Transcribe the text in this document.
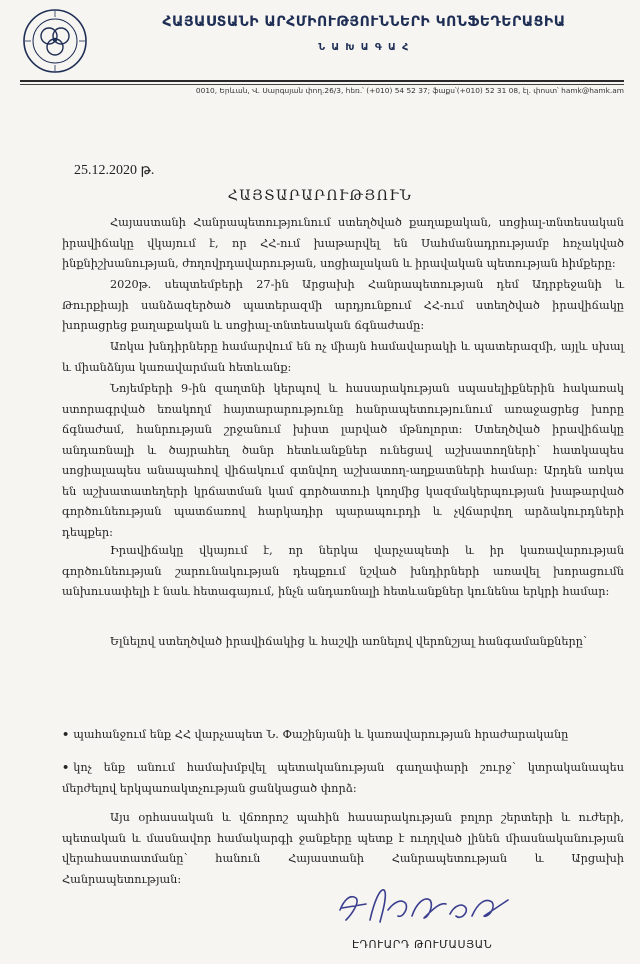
ՀԱՅԱՍՏԱՆԻ ԱՐՀՄԻՈՒԹՅՈՒՆՆԵՐԻ ԿՈՆՖԵԴԵՐԱՑԻԱ
Ն Ա Խ Ա Գ Ա Հ
0010, Երևան, Վ. Սարգսյան փող.26/3, հեռ.՝ (+010) 54 52 37; ֆաքս՝(+010) 52 31 08, էլ. փոստ՝ hamk@hamk.am
25.12.2020 թ.
ՀԱՅՏԱՐԱՐՈՒԹՅՈՒՆ
Հայաստանի Հանրապետությունում ստեղծված քաղաքական, սոցիալ-տնտեսական իրավիճակը վկայում է, որ ՀՀ-ում խաթարվել են Սահմանադրությամբ հռչակված ինքնիշխանության, ժողովրդավարության, սոցիալական և իրավական պետության հիմքերը:
2020թ. սեպտեմբերի 27-ին Արցախի Հանրապետության դեմ Ադրբեջանի և Թուրքիայի սանձազերծած պատերազմի արդյունքում ՀՀ-ում ստեղծված իրավիճակը խորացրեց քաղաքական և սոցիալ-տնտեսական ճգնաժամը:
Առկա խնդիրները համարվում են ոչ միայն համավարակի և պատերազմի, այլև սխալ և միանձնյա կառավարման հետևանք:
Նոյեմբերի 9-ին զաղտնի կերպով և հասարակության սպասելիքներին հակառակ ստորագրված եռակողմ հայտարարությունը հանրապետությունում առաջացրեց խորը ճգնաժամ, հանրության շրջանում խիստ լարված մթնոլորտ: Ստեղծված իրավիճակը անդառնալի և ծայրահեղ ծանր հետևանքներ ունեցավ աշխատողների՝ հատկապես սոցիալապես անապահով վիճակում գտնվող աշխատող-աղքատների համար: Արդեն առկա են աշխատատեղերի կրճատման կամ գործատուի կողմից կազմակերպության խաթարված գործունեության պատճառով հարկադիր պարապուրդի և չվճարվող արձակուրդների դեպքեր:
Իրավիճակը վկայում է, որ ներկա վարչապետի և իր կառավարության գործունեության շարունակության դեպքում նշված խնդիրների առավել խորացումն անխուսափելի է նաև հետագայում, ինչն անդառնալի հետևանքներ կունենա երկրի համար:
Ելնելով ստեղծված իրավիճակից և հաշվի առնելով վերոնշյալ հանգամանքները՝
• պահանջում ենք ՀՀ վարչապետ Ն. Փաշինյանի և կառավարության հրաժարականը
• կոչ ենք անում համախմբվել պետականության գաղափարի շուրջ՝ կտրականապես մերժելով երկպառակտչության ցանկացած փորձ:
Այս օրհասական և վճռորոշ պահին հասարակության բոլոր շերտերի և ուժերի, պետական և մասնավոր համակարգի ջանքերը պետք է ուղղված լինեն միասնականության վերահաստատմանը՝ հանուն Հայաստանի Հանրապետության և Արցախի Հանրապետության:
ԷԴՈՒԱՐԴ ԹՈՒՄԱՍՅԱՆ
